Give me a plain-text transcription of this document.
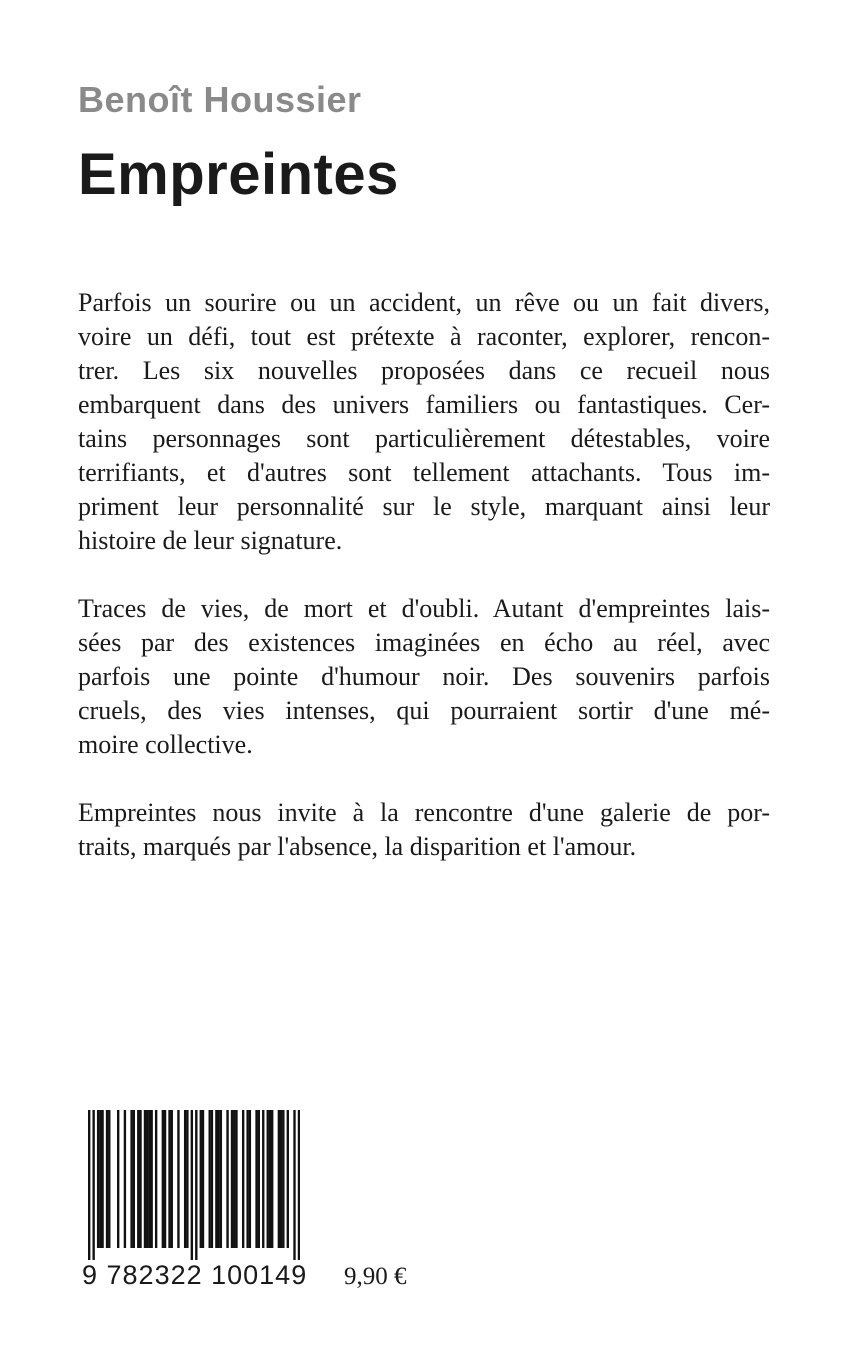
Benoît Houssier
Empreintes

Parfois un sourire ou un accident, un rêve ou un fait divers,
voire un défi, tout est prétexte à raconter, explorer, rencon-
trer. Les six nouvelles proposées dans ce recueil nous
embarquent dans des univers familiers ou fantastiques. Cer-
tains personnages sont particulièrement détestables, voire
terrifiants, et d'autres sont tellement attachants. Tous im-
priment leur personnalité sur le style, marquant ainsi leur
histoire de leur signature.

Traces de vies, de mort et d'oubli. Autant d'empreintes lais-
sées par des existences imaginées en écho au réel, avec
parfois une pointe d'humour noir. Des souvenirs parfois
cruels, des vies intenses, qui pourraient sortir d'une mé-
moire collective.

Empreintes nous invite à la rencontre d'une galerie de por-
traits, marqués par l'absence, la disparition et l'amour.

9 782322 100149 9,90 €
